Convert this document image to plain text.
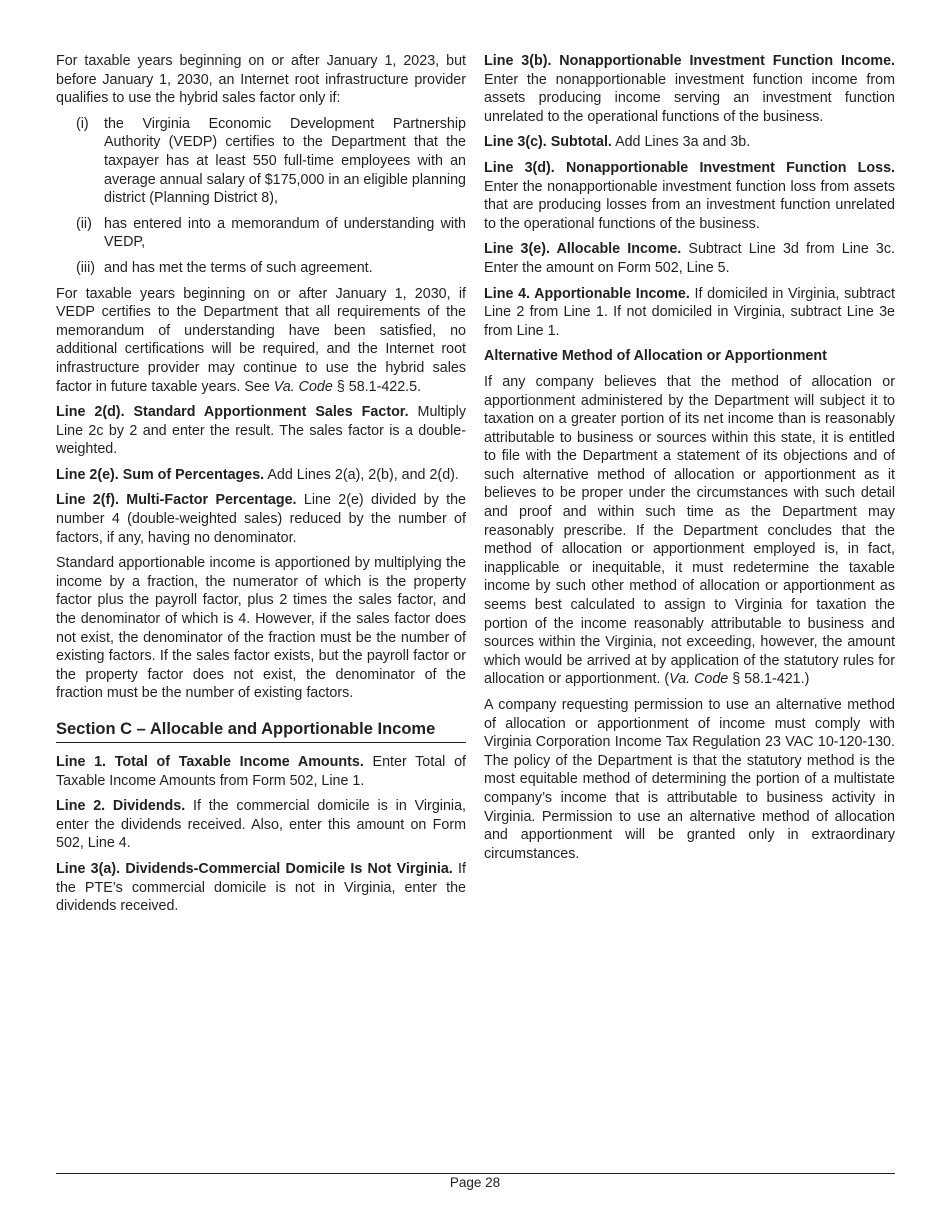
For taxable years beginning on or after January 1, 2023, but before January 1, 2030, an Internet root infrastructure provider qualifies to use the hybrid sales factor only if:

(i)	the Virginia Economic Development Partnership Authority (VEDP) certifies to the Department that the taxpayer has at least 550 full-time employees with an average annual salary of $175,000 in an eligible planning district (Planning District 8),
(ii) has entered into a memorandum of understanding with VEDP,
(iii) and has met the terms of such agreement.

For taxable years beginning on or after January 1, 2030, if VEDP certifies to the Department that all requirements of the memorandum of understanding have been satisfied, no additional certifications will be required, and the Internet root infrastructure provider may continue to use the hybrid sales factor in future taxable years. See Va. Code § 58.1-422.5.

Line 2(d). Standard Apportionment Sales Factor. Multiply Line 2c by 2 and enter the result. The sales factor is a double-weighted.

Line 2(e). Sum of Percentages. Add Lines 2(a), 2(b), and 2(d).

Line 2(f). Multi-Factor Percentage. Line 2(e) divided by the number 4 (double-weighted sales) reduced by the number of factors, if any, having no denominator.

Standard apportionable income is apportioned by multiplying the income by a fraction, the numerator of which is the property factor plus the payroll factor, plus 2 times the sales factor, and the denominator of which is 4. However, if the sales factor does not exist, the denominator of the fraction must be the number of existing factors. If the sales factor exists, but the payroll factor or the property factor does not exist, the denominator of the fraction must be the number of existing factors.

Section C – Allocable and Apportionable Income

Line 1. Total of Taxable Income Amounts. Enter Total of Taxable Income Amounts from Form 502, Line 1.

Line 2. Dividends. If the commercial domicile is in Virginia, enter the dividends received. Also, enter this amount on Form 502, Line 4.

Line 3(a). Dividends-Commercial Domicile Is Not Virginia. If the PTE’s commercial domicile is not in Virginia, enter the dividends received.

Line 3(b). Nonapportionable Investment Function Income. Enter the nonapportionable investment function income from assets producing income serving an investment function unrelated to the operational functions of the business.

Line 3(c). Subtotal. Add Lines 3a and 3b.

Line 3(d). Nonapportionable Investment Function Loss. Enter the nonapportionable investment function loss from assets that are producing losses from an investment function unrelated to the operational functions of the business.

Line 3(e). Allocable Income. Subtract Line 3d from Line 3c. Enter the amount on Form 502, Line 5.

Line 4. Apportionable Income. If domiciled in Virginia, subtract Line 2 from Line 1. If not domiciled in Virginia, subtract Line 3e from Line 1.

Alternative Method of Allocation or Apportionment

If any company believes that the method of allocation or apportionment administered by the Department will subject it to taxation on a greater portion of its net income than is reasonably attributable to business or sources within this state, it is entitled to file with the Department a statement of its objections and of such alternative method of allocation or apportionment as it believes to be proper under the circumstances with such detail and proof and within such time as the Department may reasonably prescribe. If the Department concludes that the method of allocation or apportionment employed is, in fact, inapplicable or inequitable, it must redetermine the taxable income by such other method of allocation or apportionment as seems best calculated to assign to Virginia for taxation the portion of the income reasonably attributable to business and sources within the Virginia, not exceeding, however, the amount which would be arrived at by application of the statutory rules for allocation or apportionment. (Va. Code § 58.1-421.)

A company requesting permission to use an alternative method of allocation or apportionment of income must comply with Virginia Corporation Income Tax Regulation 23 VAC 10-120-130. The policy of the Department is that the statutory method is the most equitable method of determining the portion of a multistate company’s income that is attributable to business activity in Virginia. Permission to use an alternative method of allocation and apportionment will be granted only in extraordinary circumstances.

Page 28
